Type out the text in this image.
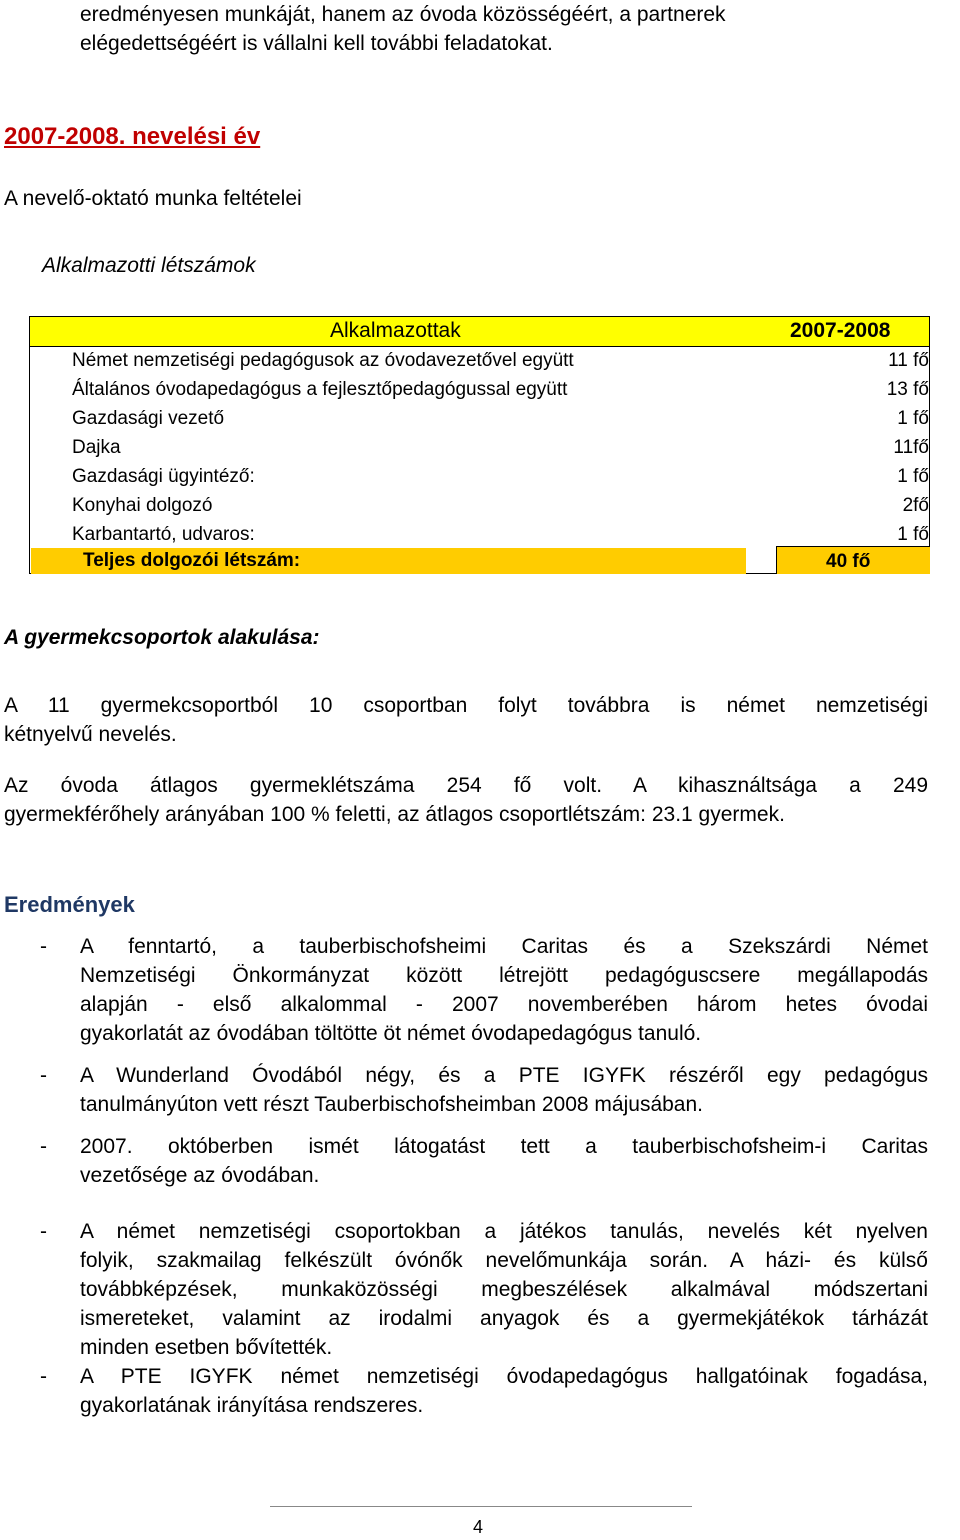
eredményesen munkáját, hanem az óvoda közösségéért, a partnerek
elégedettségéért is vállalni kell további feladatokat.
2007-2008. nevelési év
A nevelő-oktató munka feltételei
Alkalmazotti létszámok
Alkalmazottak	2007-2008
Német nemzetiségi pedagógusok az óvodavezetővel együtt	11 fő
Általános óvodapedagógus a fejlesztőpedagógussal együtt	13 fő
Gazdasági vezető	1 fő
Dajka	11fő
Gazdasági ügyintéző:	1 fő
Konyhai dolgozó	2fő
Karbantartó, udvaros:	1 fő
Teljes dolgozói létszám:	40 fő
A gyermekcsoportok alakulása:
A 11 gyermekcsoportból 10 csoportban folyt továbbra is német nemzetiségi
kétnyelvű nevelés.
Az óvoda átlagos gyermeklétszáma 254 fő volt. A kihasználtsága a 249
gyermekférőhely arányában 100 % feletti, az átlagos csoportlétszám: 23.1 gyermek.
Eredmények
- A fenntartó, a tauberbischofsheimi Caritas és a Szekszárdi Német
Nemzetiségi Önkormányzat között létrejött pedagóguscsere megállapodás
alapján - első alkalommal - 2007 novemberében három hetes óvodai
gyakorlatát az óvodában töltötte öt német óvodapedagógus tanuló.
- A Wunderland Óvodából négy, és a PTE IGYFK részéről egy pedagógus
tanulmányúton vett részt Tauberbischofsheimban 2008 májusában.
- 2007. októberben ismét látogatást tett a tauberbischofsheim-i Caritas
vezetősége az óvodában.
- A német nemzetiségi csoportokban a játékos tanulás, nevelés két nyelven
folyik, szakmailag felkészült óvónők nevelőmunkája során. A házi- és külső
továbbképzések, munkaközösségi megbeszélések alkalmával módszertani
ismereteket, valamint az irodalmi anyagok és a gyermekjátékok tárházát
minden esetben bővítették.
- A PTE IGYFK német nemzetiségi óvodapedagógus hallgatóinak fogadása,
gyakorlatának irányítása rendszeres.
4
